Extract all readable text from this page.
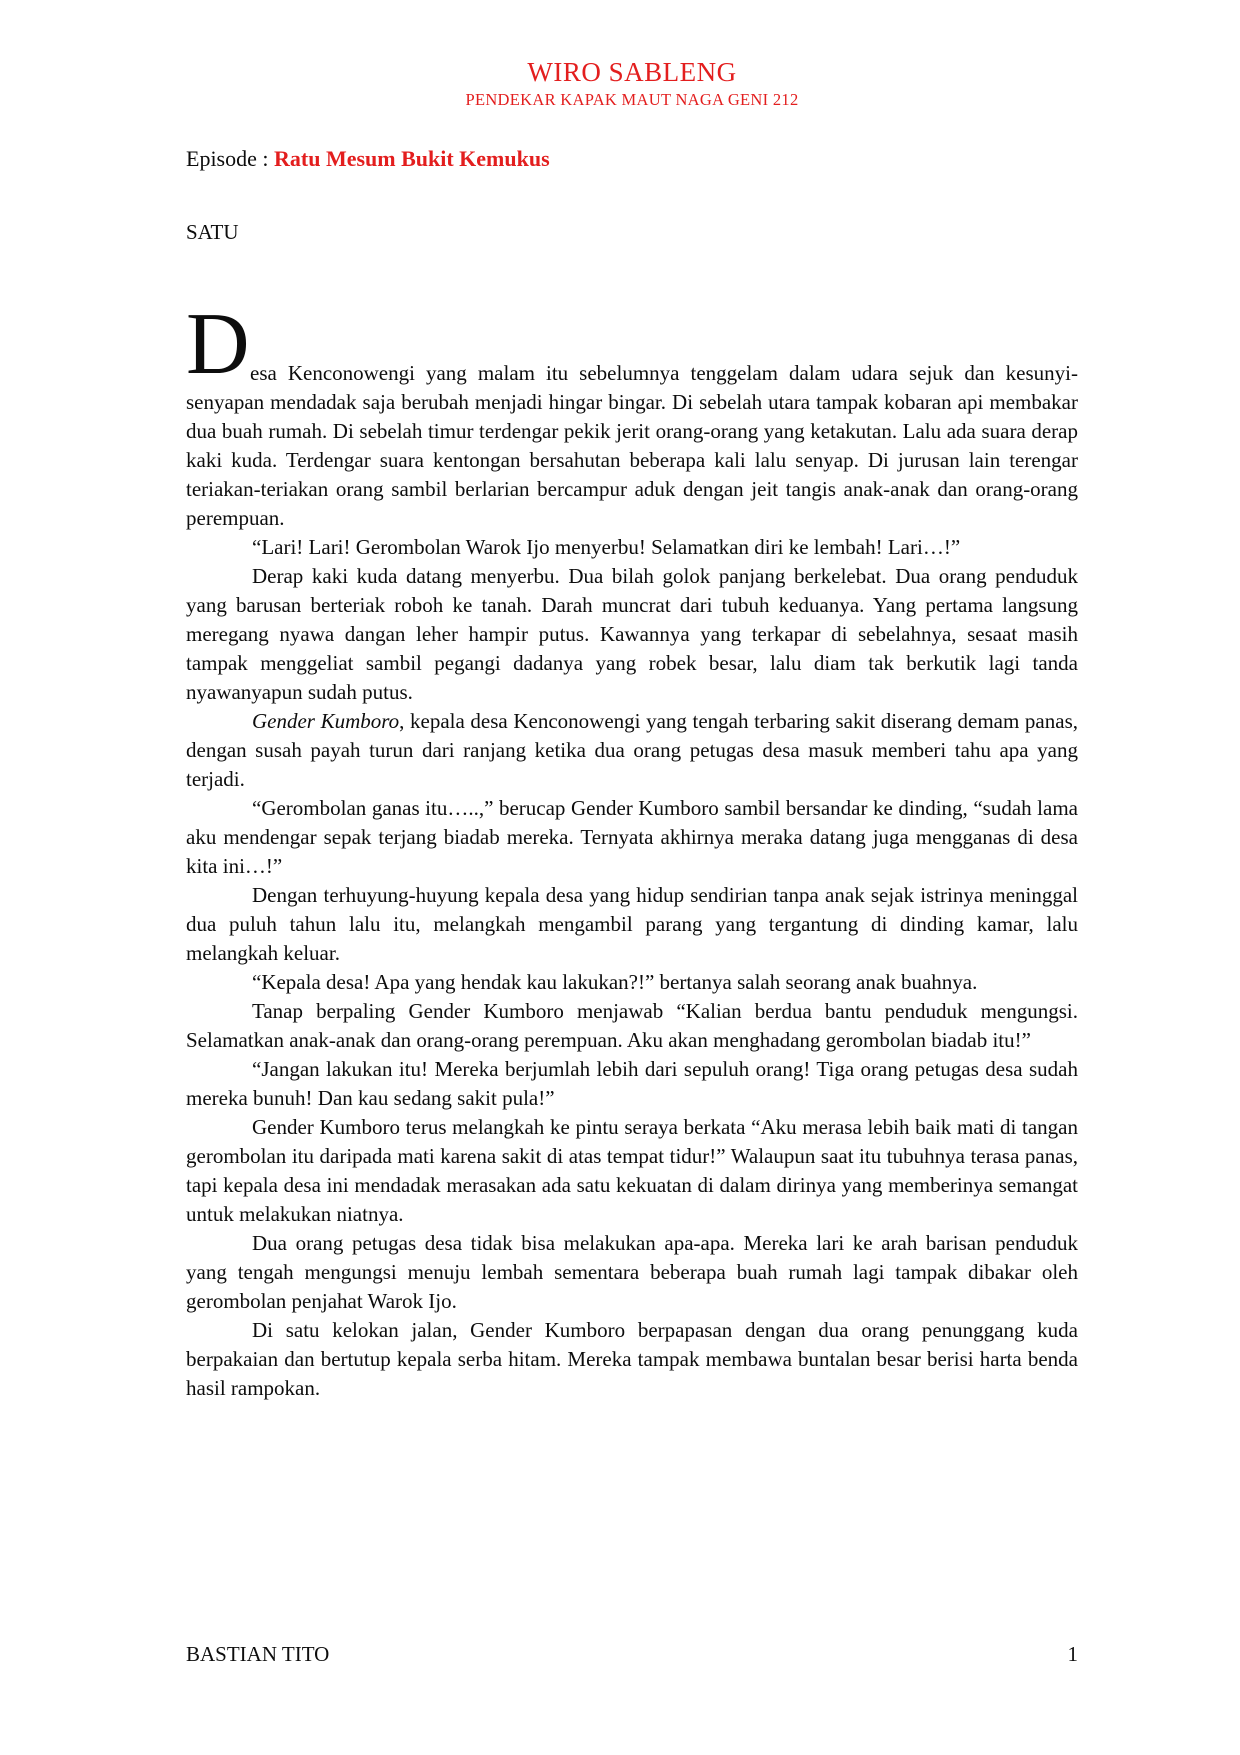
WIRO SABLENG
PENDEKAR KAPAK MAUT NAGA GENI 212
Episode : Ratu Mesum Bukit Kemukus
SATU

D esa Kenconowengi yang malam itu sebelumnya tenggelam dalam udara sejuk dan kesunyi-senyapan mendadak saja berubah menjadi hingar bingar. Di sebelah utara tampak kobaran api membakar dua buah rumah. Di sebelah timur terdengar pekik jerit orang-orang yang ketakutan. Lalu ada suara derap kaki kuda. Terdengar suara kentongan bersahutan beberapa kali lalu senyap. Di jurusan lain terengar teriakan-teriakan orang sambil berlarian bercampur aduk dengan jeit tangis anak-anak dan orang-orang perempuan.

“Lari! Lari! Gerombolan Warok Ijo menyerbu! Selamatkan diri ke lembah! Lari…!”

Derap kaki kuda datang menyerbu. Dua bilah golok panjang berkelebat. Dua orang penduduk yang barusan berteriak roboh ke tanah. Darah muncrat dari tubuh keduanya. Yang pertama langsung meregang nyawa dangan leher hampir putus. Kawannya yang terkapar di sebelahnya, sesaat masih tampak menggeliat sambil pegangi dadanya yang robek besar, lalu diam tak berkutik lagi tanda nyawanyapun sudah putus.

Gender Kumboro, kepala desa Kenconowengi yang tengah terbaring sakit diserang demam panas, dengan susah payah turun dari ranjang ketika dua orang petugas desa masuk memberi tahu apa yang terjadi.

“Gerombolan ganas itu…..,” berucap Gender Kumboro sambil bersandar ke dinding, “sudah lama aku mendengar sepak terjang biadab mereka. Ternyata akhirnya meraka datang juga mengganas di desa kita ini…!”

Dengan terhuyung-huyung kepala desa yang hidup sendirian tanpa anak sejak istrinya meninggal dua puluh tahun lalu itu, melangkah mengambil parang yang tergantung di dinding kamar, lalu melangkah keluar.

“Kepala desa! Apa yang hendak kau lakukan?!” bertanya salah seorang anak buahnya.

Tanap berpaling Gender Kumboro menjawab “Kalian berdua bantu penduduk mengungsi. Selamatkan anak-anak dan orang-orang perempuan. Aku akan menghadang gerombolan biadab itu!”

“Jangan lakukan itu! Mereka berjumlah lebih dari sepuluh orang! Tiga orang petugas desa sudah mereka bunuh! Dan kau sedang sakit pula!”

Gender Kumboro terus melangkah ke pintu seraya berkata “Aku merasa lebih baik mati di tangan gerombolan itu daripada mati karena sakit di atas tempat tidur!” Walaupun saat itu tubuhnya terasa panas, tapi kepala desa ini mendadak merasakan ada satu kekuatan di dalam dirinya yang memberinya semangat untuk melakukan niatnya.

Dua orang petugas desa tidak bisa melakukan apa-apa. Mereka lari ke arah barisan penduduk yang tengah mengungsi menuju lembah sementara beberapa buah rumah lagi tampak dibakar oleh gerombolan penjahat Warok Ijo.

Di satu kelokan jalan, Gender Kumboro berpapasan dengan dua orang penunggang kuda berpakaian dan bertutup kepala serba hitam. Mereka tampak membawa buntalan besar berisi harta benda hasil rampokan.

BASTIAN TITO	1
